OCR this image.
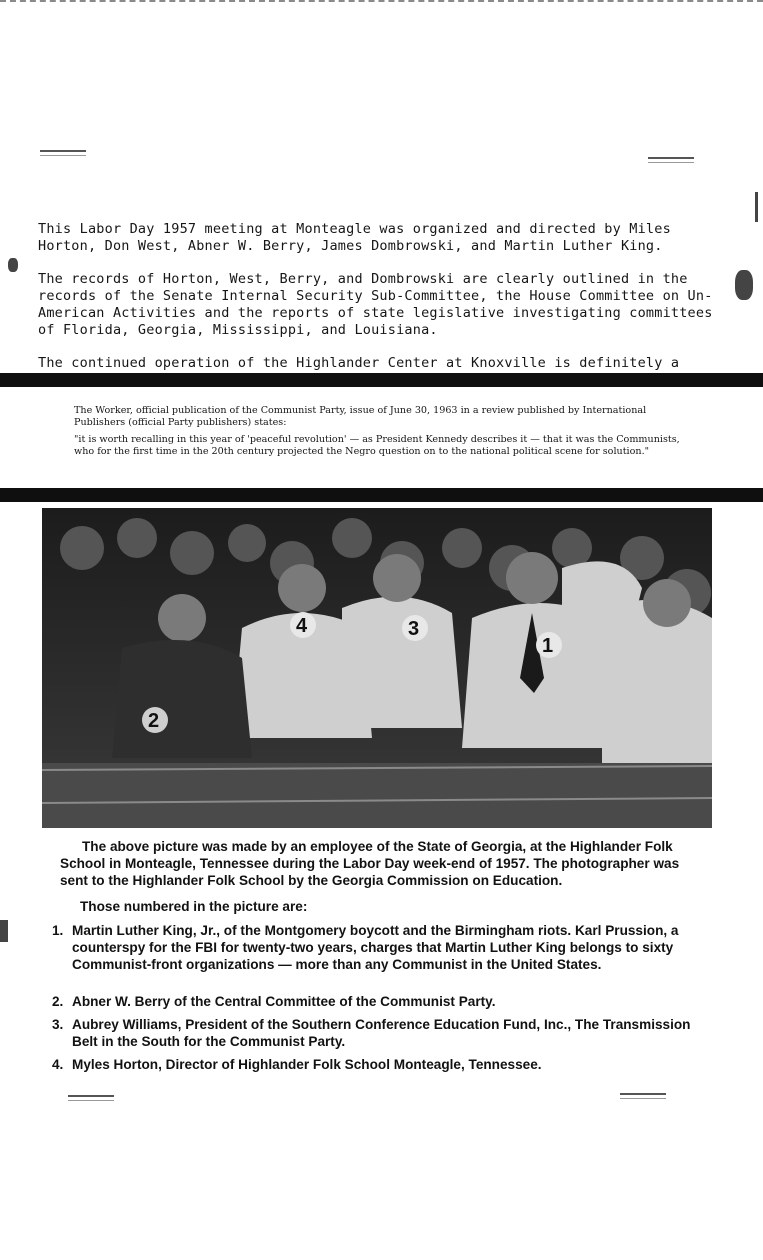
This Labor Day 1957 meeting at Monteagle was organized and directed by Miles Horton, Don West, Abner W. Berry, James Dombrowski, and Martin Luther King.

The records of Horton, West, Berry, and Dombrowski are clearly outlined in the records of the Senate Internal Security Sub-Committee, the House Committee on Un-American Activities and the reports of state legislative investigating committees of Florida, Georgia, Mississippi, and Louisiana.

The continued operation of the Highlander Center at Knoxville is definitely a

The Worker, official publication of the Communist Party, issue of June 30, 1963 in a review published by International Publishers (official Party publishers) states:

"it is worth recalling in this year of 'peaceful revolution' — as President Kennedy describes it — that it was the Communists, who for the first time in the 20th century projected the Negro question on to the national political scene for solution."

1
2
3
4
The above picture was made by an employee of the State of Georgia, at the Highlander Folk School in Monteagle, Tennessee during the Labor Day week-end of 1957. The photographer was sent to the Highlander Folk School by the Georgia Commission on Education.
Those numbered in the picture are:
1. Martin Luther King, Jr., of the Montgomery boycott and the Birmingham riots. Karl Prussion, a counterspy for the FBI for twenty-two years, charges that Martin Luther King belongs to sixty Communist-front organizations — more than any Communist in the United States.
2. Abner W. Berry of the Central Committee of the Communist Party.
3. Aubrey Williams, President of the Southern Conference Education Fund, Inc., The Transmission Belt in the South for the Communist Party.
4. Myles Horton, Director of Highlander Folk School Monteagle, Tennessee.
